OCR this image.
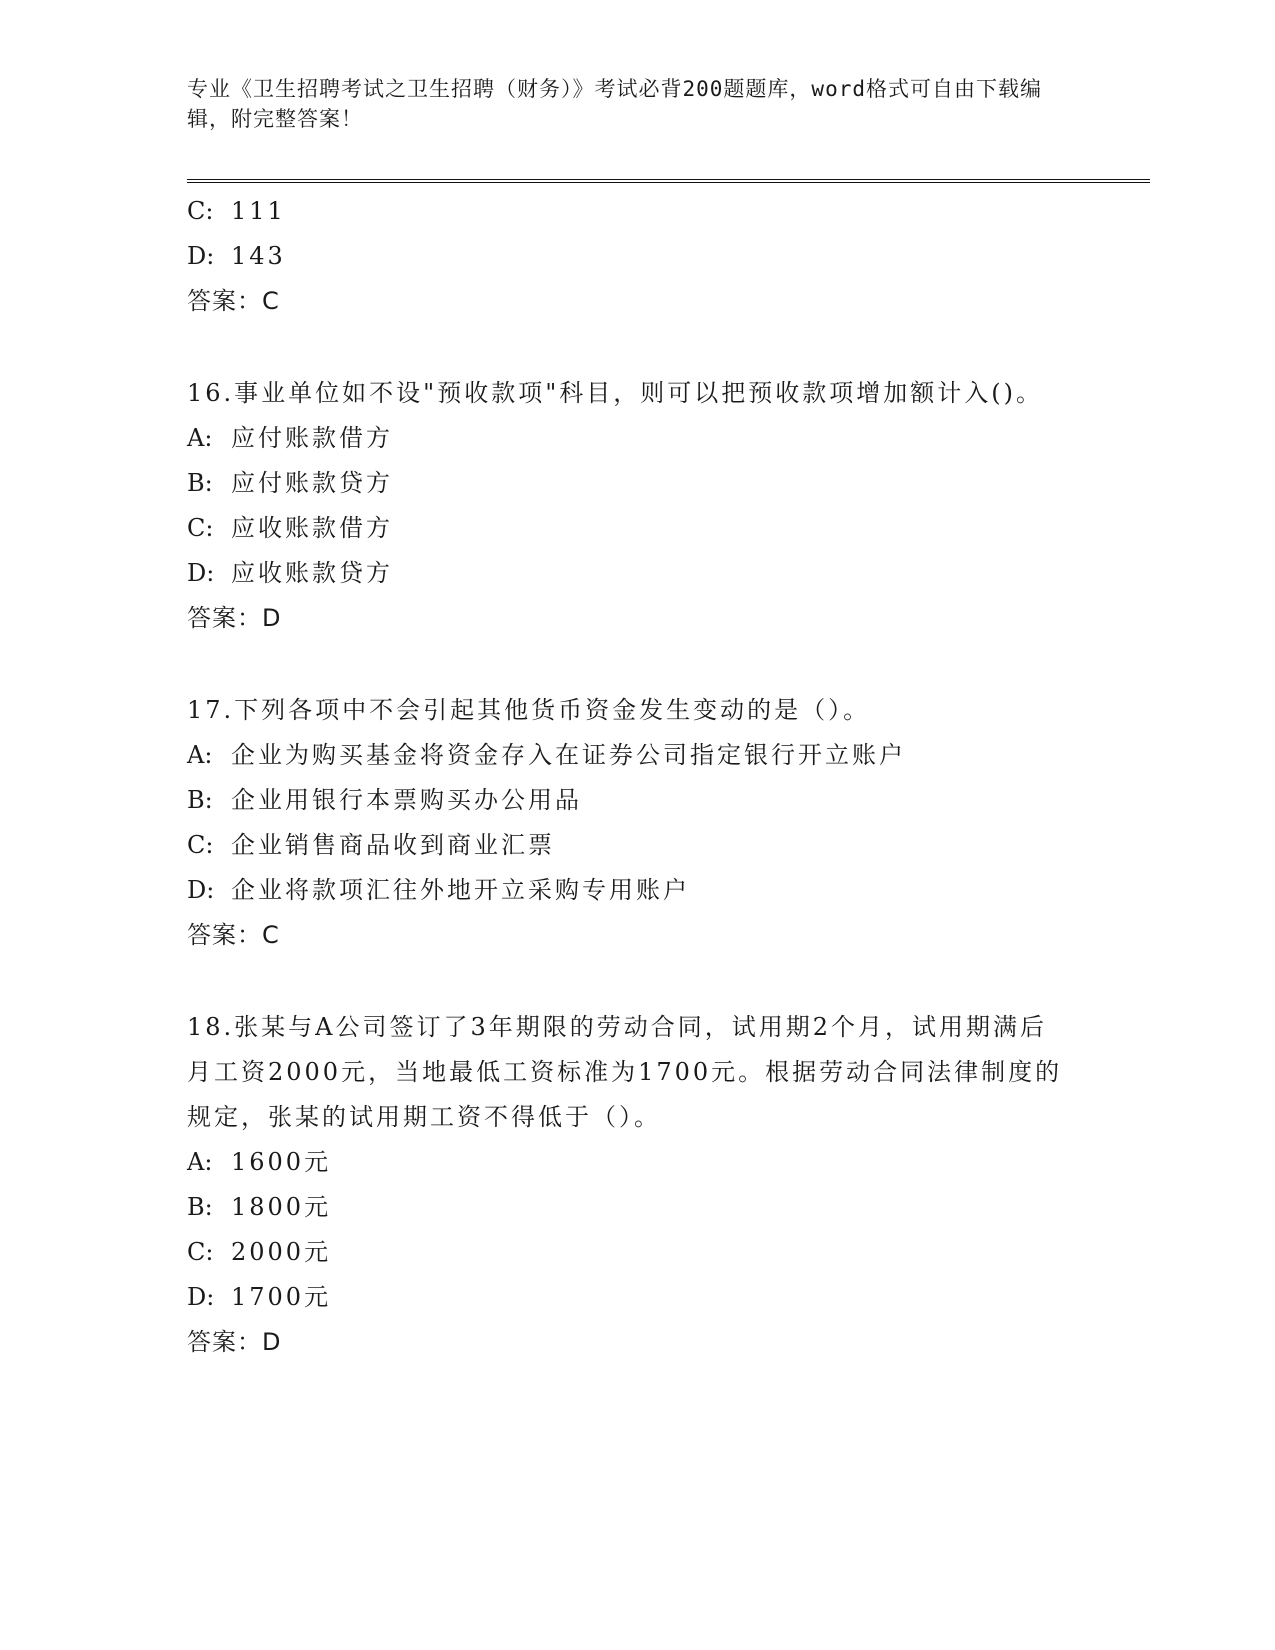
专业《卫生招聘考试之卫生招聘（财务）》考试必背200题题库，word格式可自由下载编辑，附完整答案！
C: 111
D: 143
答案：C
16.事业单位如不设"预收款项"科目，则可以把预收款项增加额计入()。
A: 应付账款借方
B: 应付账款贷方
C: 应收账款借方
D: 应收账款贷方
答案：D
17.下列各项中不会引起其他货币资金发生变动的是（）。
A: 企业为购买基金将资金存入在证券公司指定银行开立账户
B: 企业用银行本票购买办公用品
C: 企业销售商品收到商业汇票
D: 企业将款项汇往外地开立采购专用账户
答案：C
18.张某与A公司签订了3年期限的劳动合同，试用期2个月，试用期满后月工资2000元，当地最低工资标准为1700元。根据劳动合同法律制度的规定，张某的试用期工资不得低于（）。
A: 1600元
B: 1800元
C: 2000元
D: 1700元
答案：D
